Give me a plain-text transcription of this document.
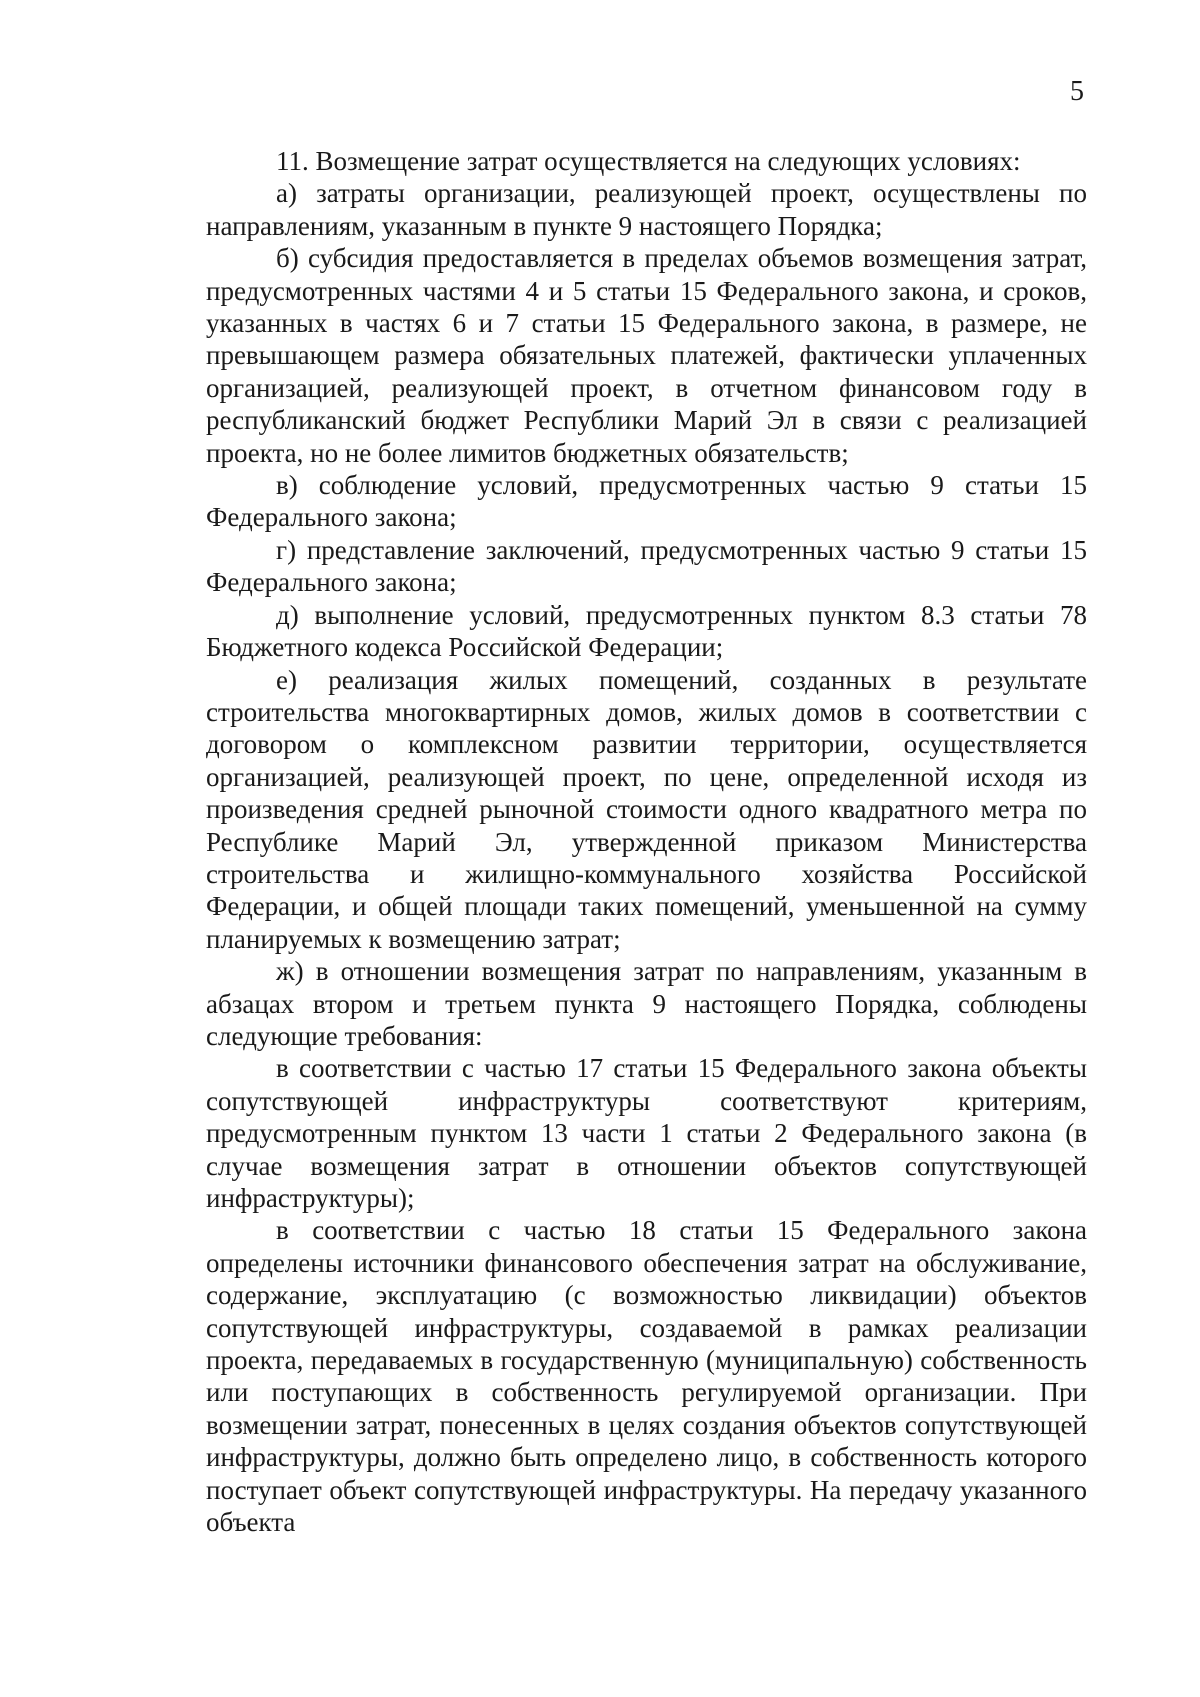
5

11. Возмещение затрат осуществляется на следующих условиях:

а) затраты организации, реализующей проект, осуществлены по направлениям, указанным в пункте 9 настоящего Порядка;

б) субсидия предоставляется в пределах объемов возмещения затрат, предусмотренных частями 4 и 5 статьи 15 Федерального закона, и сроков, указанных в частях 6 и 7 статьи 15 Федерального закона, в размере, не превышающем размера обязательных платежей, фактически уплаченных организацией, реализующей проект, в отчетном финансовом году в республиканский бюджет Республики Марий Эл в связи с реализацией проекта, но не более лимитов бюджетных обязательств;

в) соблюдение условий, предусмотренных частью 9 статьи 15 Федерального закона;

г) представление заключений, предусмотренных частью 9 статьи 15 Федерального закона;

д) выполнение условий, предусмотренных пунктом 8.3 статьи 78 Бюджетного кодекса Российской Федерации;

е) реализация жилых помещений, созданных в результате строительства многоквартирных домов, жилых домов в соответствии с договором о комплексном развитии территории, осуществляется организацией, реализующей проект, по цене, определенной исходя из произведения средней рыночной стоимости одного квадратного метра по Республике Марий Эл, утвержденной приказом Министерства строительства и жилищно-коммунального хозяйства Российской Федерации, и общей площади таких помещений, уменьшенной на сумму планируемых к возмещению затрат;

ж) в отношении возмещения затрат по направлениям, указанным в абзацах втором и третьем пункта 9 настоящего Порядка, соблюдены следующие требования:

в соответствии с частью 17 статьи 15 Федерального закона объекты сопутствующей инфраструктуры соответствуют критериям, предусмотренным пунктом 13 части 1 статьи 2 Федерального закона (в случае возмещения затрат в отношении объектов сопутствующей инфраструктуры);

в соответствии с частью 18 статьи 15 Федерального закона определены источники финансового обеспечения затрат на обслуживание, содержание, эксплуатацию (с возможностью ликвидации) объектов сопутствующей инфраструктуры, создаваемой в рамках реализации проекта, передаваемых в государственную (муниципальную) собственность или поступающих в собственность регулируемой организации. При возмещении затрат, понесенных в целях создания объектов сопутствующей инфраструктуры, должно быть определено лицо, в собственность которого поступает объект сопутствующей инфраструктуры. На передачу указанного объекта
